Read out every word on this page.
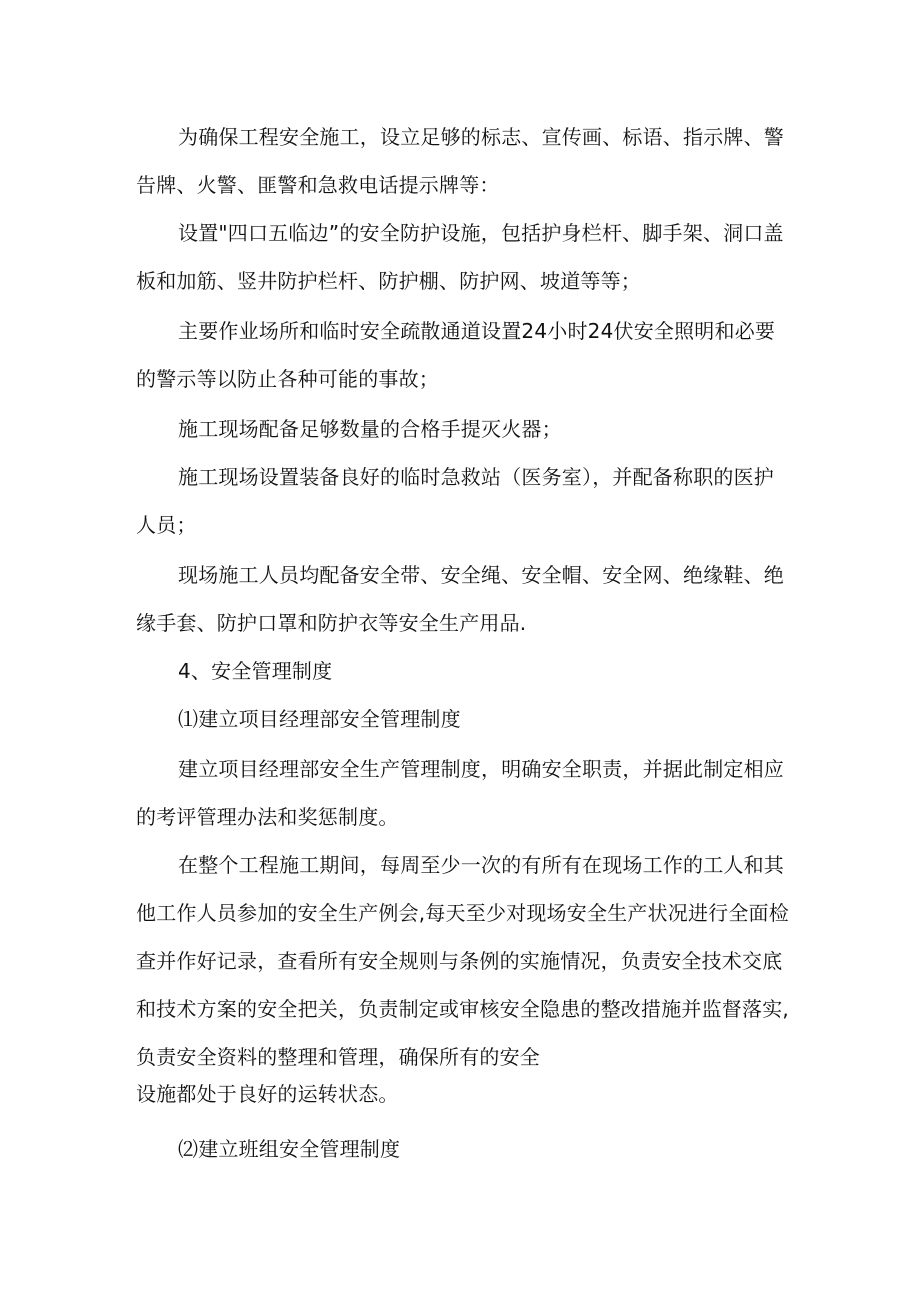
为确保工程安全施工，设立足够的标志、宣传画、标语、指示牌、警
告牌、火警、匪警和急救电话提示牌等：
设置"四口五临边”的安全防护设施，包括护身栏杆、脚手架、洞口盖
板和加筋、竖井防护栏杆、防护棚、防护网、坡道等等；
主要作业场所和临时安全疏散通道设置24小时24伏安全照明和必要
的警示等以防止各种可能的事故；
施工现场配备足够数量的合格手提灭火器；
施工现场设置装备良好的临时急救站（医务室），并配备称职的医护
人员；
现场施工人员均配备安全带、安全绳、安全帽、安全网、绝缘鞋、绝
缘手套、防护口罩和防护衣等安全生产用品.
4、安全管理制度
⑴建立项目经理部安全管理制度
建立项目经理部安全生产管理制度，明确安全职责，并据此制定相应
的考评管理办法和奖惩制度。
在整个工程施工期间，每周至少一次的有所有在现场工作的工人和其
他工作人员参加的安全生产例会,每天至少对现场安全生产状况进行全面检
查并作好记录，查看所有安全规则与条例的实施情况，负责安全技术交底
和技术方案的安全把关，负责制定或审核安全隐患的整改措施并监督落实,
负责安全资料的整理和管理，确保所有的安全
设施都处于良好的运转状态。
⑵建立班组安全管理制度
